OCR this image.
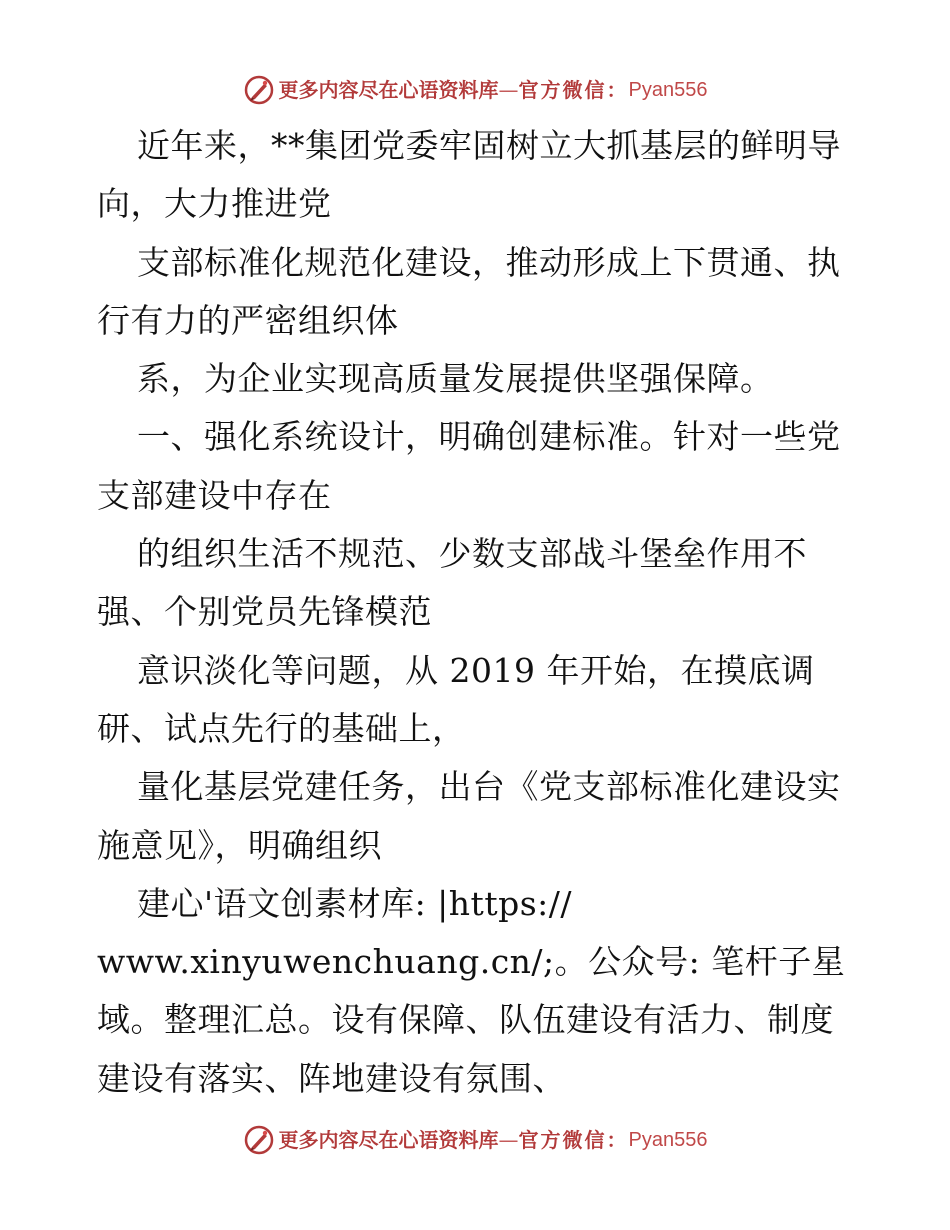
更多内容尽在心语资料库 — 官方微信： Pyan556
近年来，**集团党委牢固树立大抓基层的鲜明导
向，大力推进党
支部标准化规范化建设，推动形成上下贯通、执
行有力的严密组织体
系，为企业实现高质量发展提供坚强保障。
一、强化系统设计，明确创建标准。针对一些党
支部建设中存在
的组织生活不规范、少数支部战斗堡垒作用不
强、个别党员先锋模范
意识淡化等问题，从 2019 年开始，在摸底调
研、试点先行的基础上，
量化基层党建任务，出台《党支部标准化建设实
施意见》，明确组织
建心'语文创素材库: |https://
www.xinyuwenchuang.cn/;。公众号: 笔杆子星
域。整理汇总。设有保障、队伍建设有活力、制度
建设有落实、阵地建设有氛围、
更多内容尽在心语资料库 — 官方微信： Pyan556
